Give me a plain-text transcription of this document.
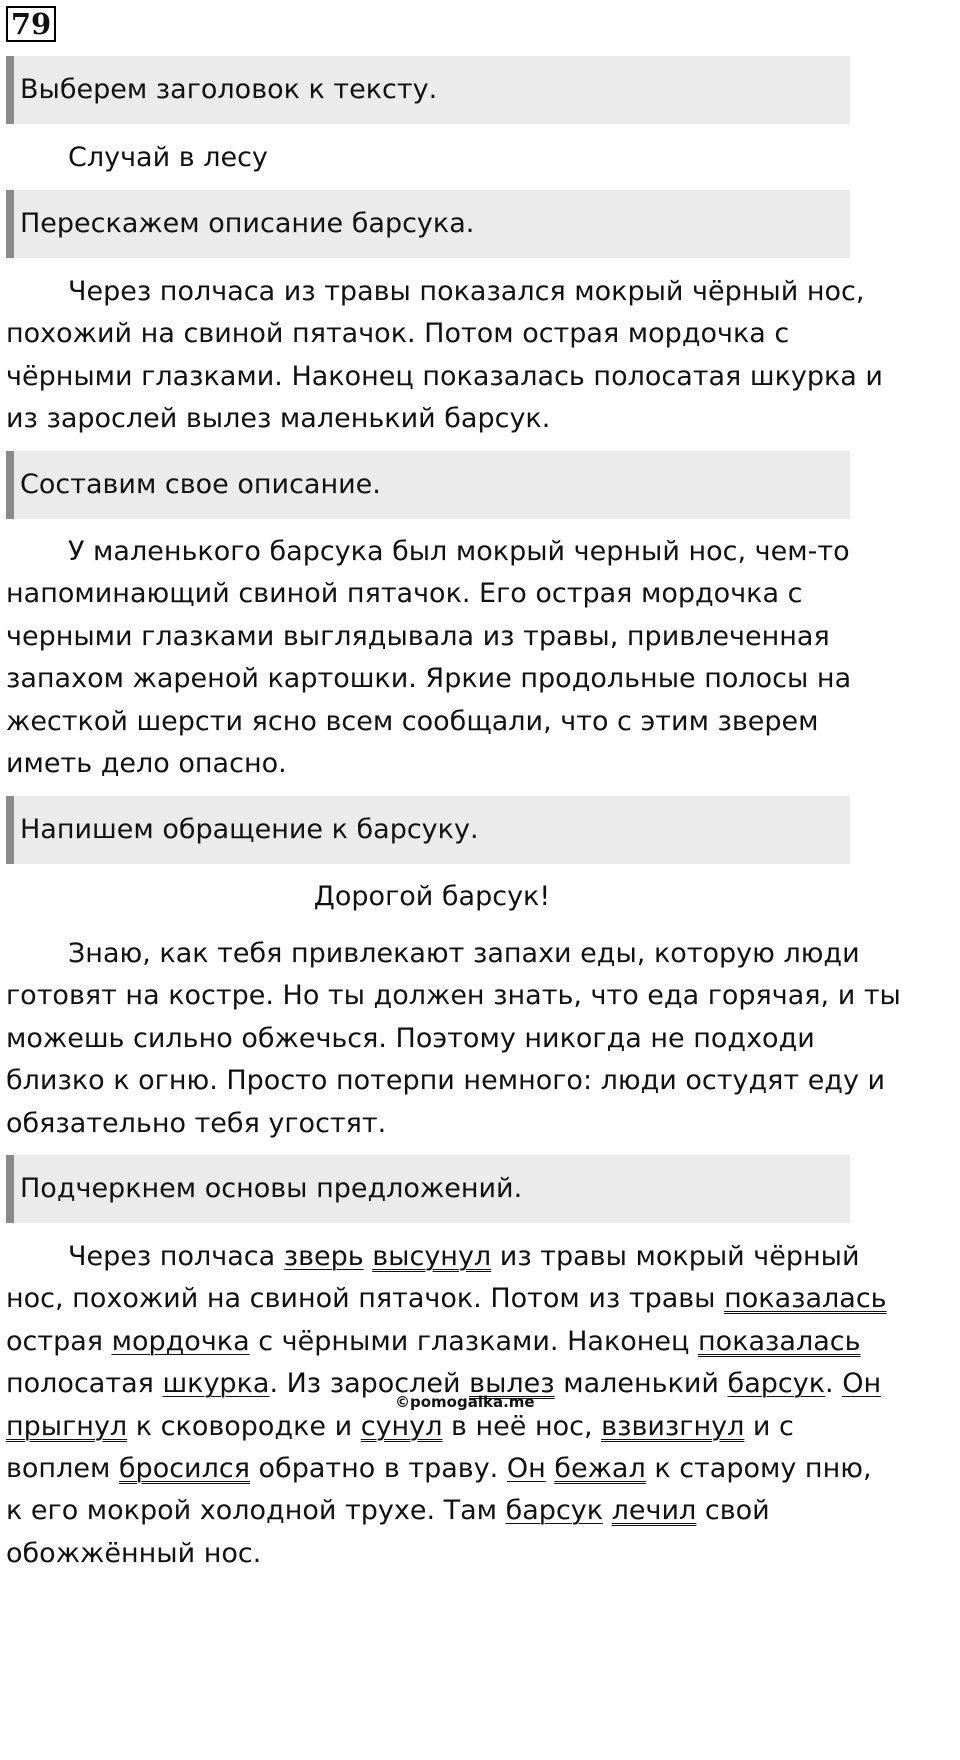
79
Выберем заголовок к тексту.
Случай в лесу
Перескажем описание барсука.
Через полчаса из травы показался мокрый чёрный нос,
похожий на свиной пятачок. Потом острая мордочка с
чёрными глазками. Наконец показалась полосатая шкурка и
из зарослей вылез маленький барсук.
Составим свое описание.
У маленького барсука был мокрый черный нос, чем-то
напоминающий свиной пятачок. Его острая мордочка с
черными глазками выглядывала из травы, привлеченная
запахом жареной картошки. Яркие продольные полосы на
жесткой шерсти ясно всем сообщали, что с этим зверем
иметь дело опасно.
Напишем обращение к барсуку.
Дорогой барсук!
Знаю, как тебя привлекают запахи еды, которую люди
готовят на костре. Но ты должен знать, что еда горячая, и ты
можешь сильно обжечься. Поэтому никогда не подходи
близко к огню. Просто потерпи немного: люди остудят еду и
обязательно тебя угостят.
Подчеркнем основы предложений.
Через полчаса зверь высунул из травы мокрый чёрный
нос, похожий на свиной пятачок. Потом из травы показалась
острая мордочка с чёрными глазками. Наконец показалась
полосатая шкурка. Из зарослей вылез маленький барсук. Он
прыгнул к сковородке и сунул в неё нос, взвизгнул и с
воплем бросился обратно в траву. Он бежал к старому пню,
к его мокрой холодной трухе. Там барсук лечил свой
обожжённый нос.
©pomogalka.me
